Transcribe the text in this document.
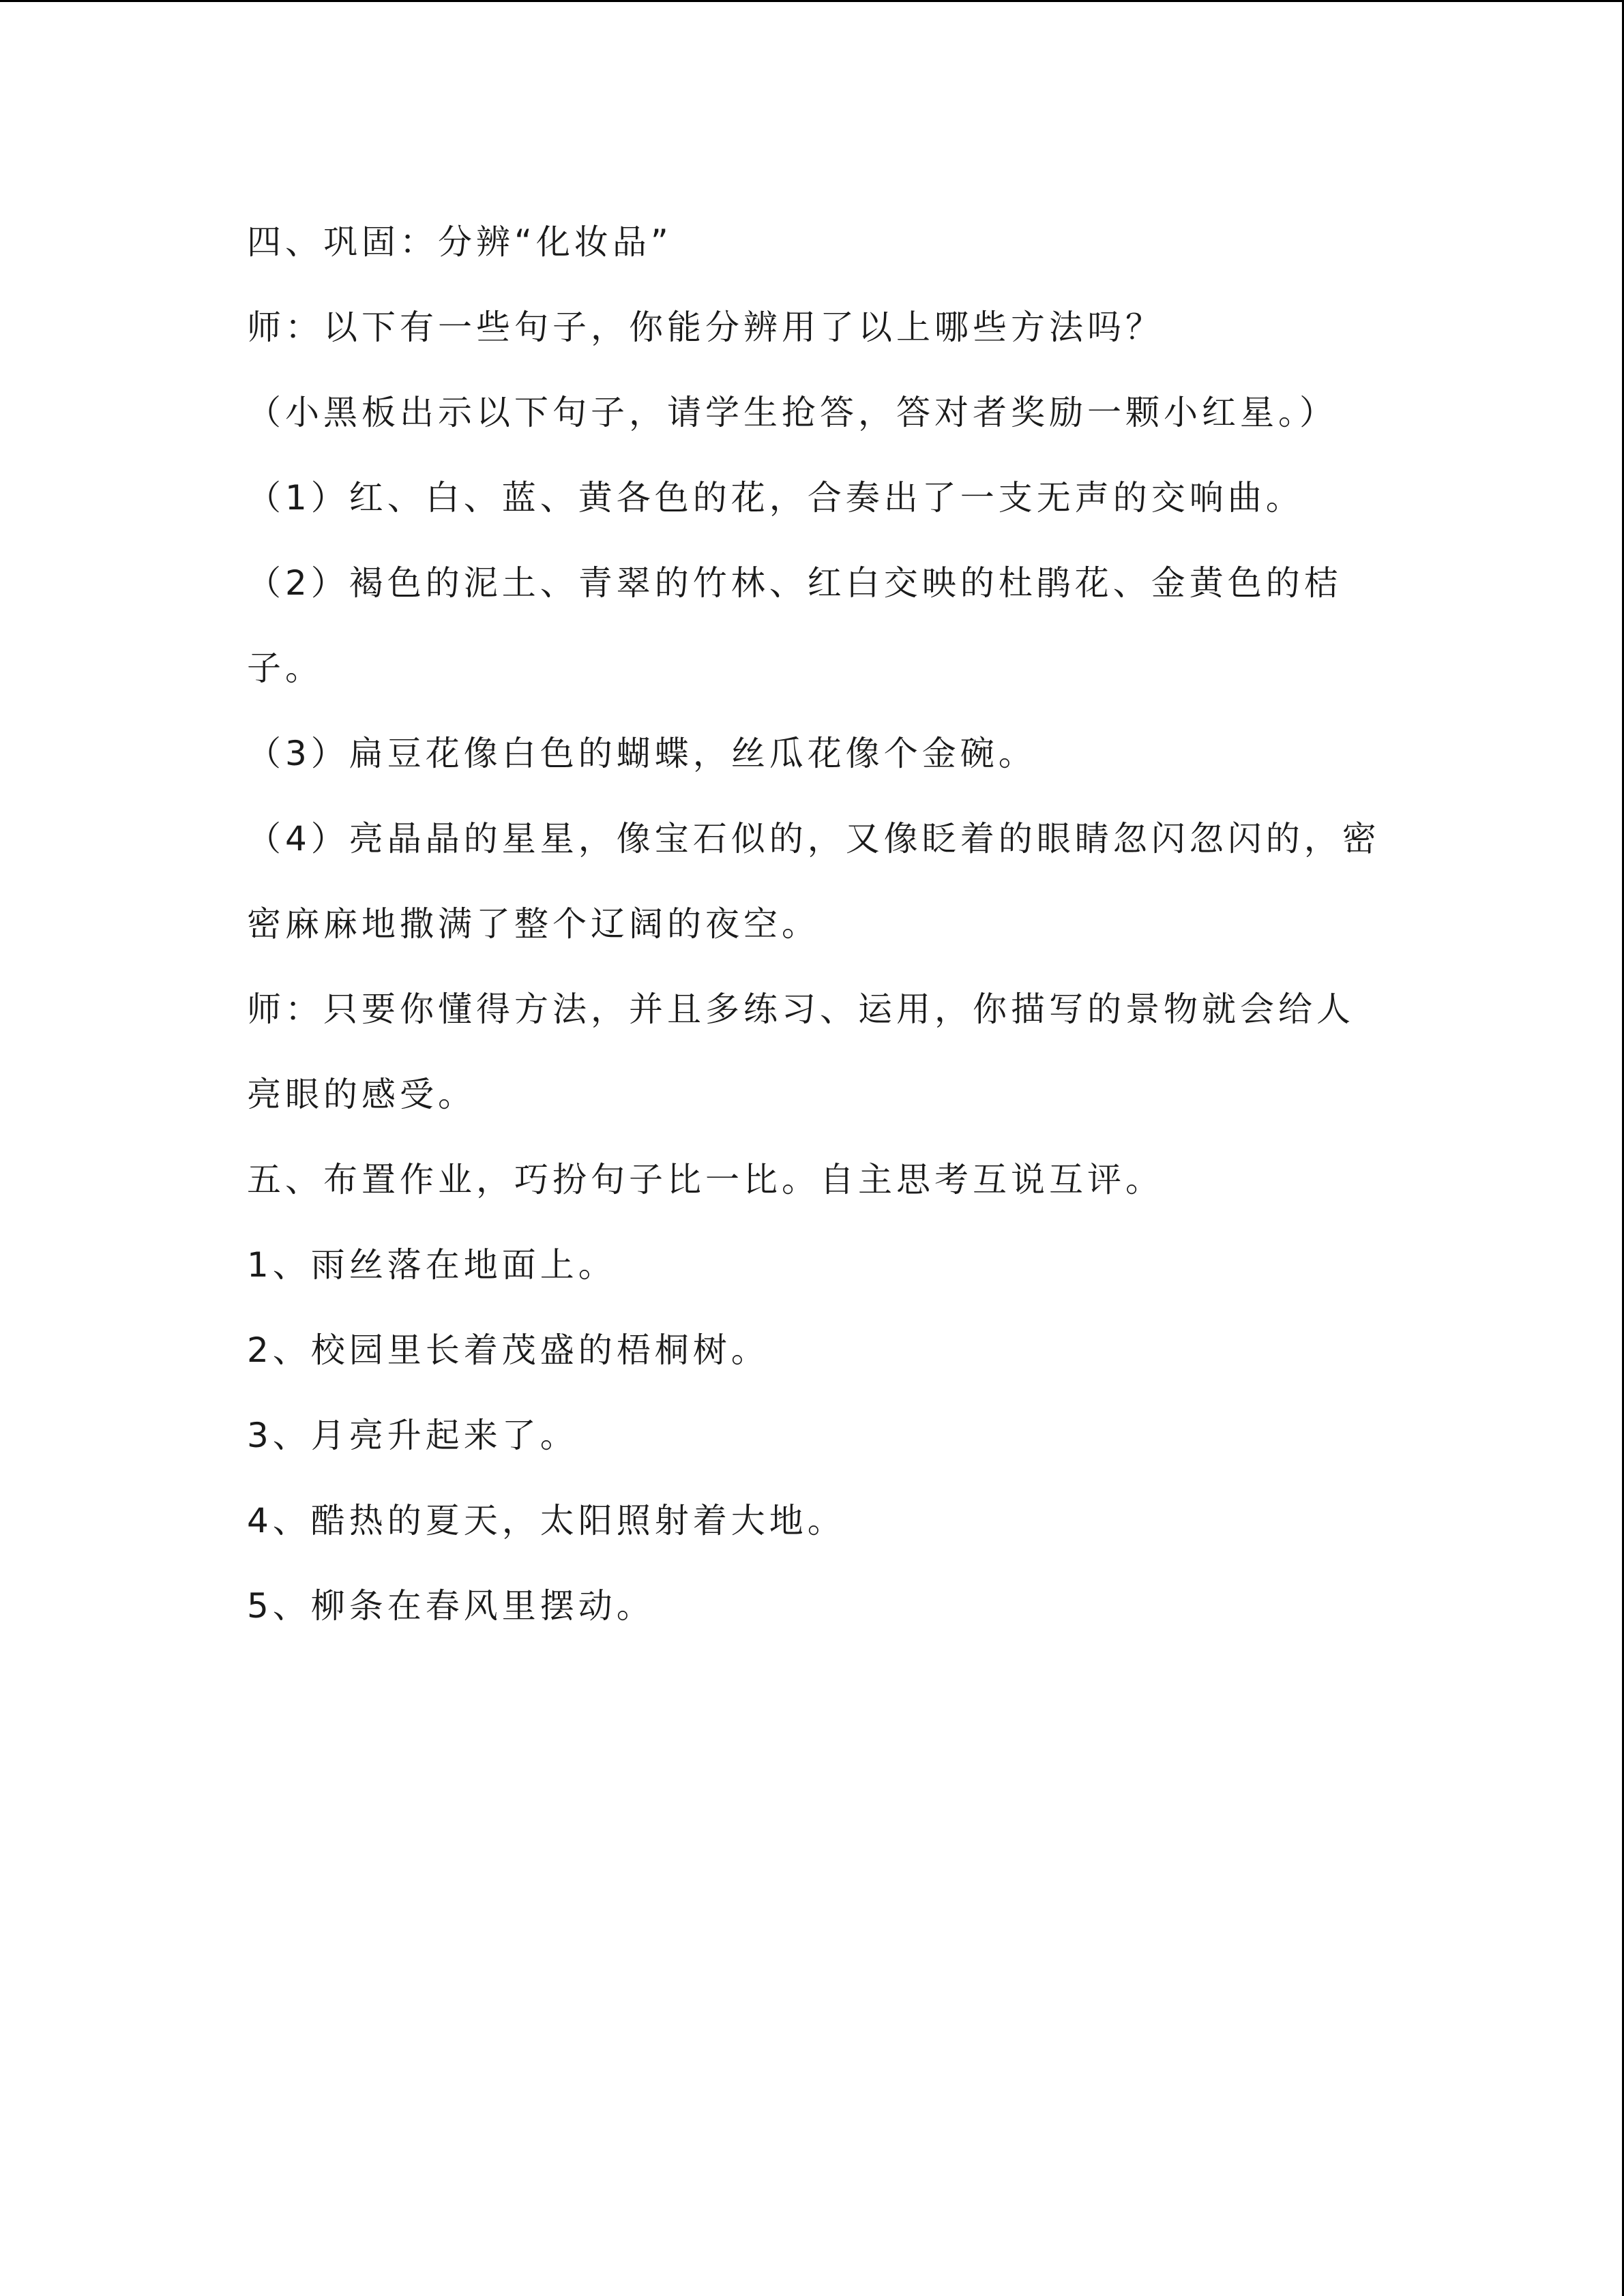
四、巩固：分辨“化妆品”
师：以下有一些句子，你能分辨用了以上哪些方法吗？
（小黑板出示以下句子，请学生抢答，答对者奖励一颗小红星。）
（1）红、白、蓝、黄各色的花，合奏出了一支无声的交响曲。
（2）褐色的泥土、青翠的竹林、红白交映的杜鹃花、金黄色的桔
子。
（3）扁豆花像白色的蝴蝶，丝瓜花像个金碗。
（4）亮晶晶的星星，像宝石似的，又像眨着的眼睛忽闪忽闪的，密
密麻麻地撒满了整个辽阔的夜空。
师：只要你懂得方法，并且多练习、运用，你描写的景物就会给人
亮眼的感受。
五、布置作业，巧扮句子比一比。自主思考互说互评。
1、雨丝落在地面上。
2、校园里长着茂盛的梧桐树。
3、月亮升起来了。
4、酷热的夏天，太阳照射着大地。
5、柳条在春风里摆动。
